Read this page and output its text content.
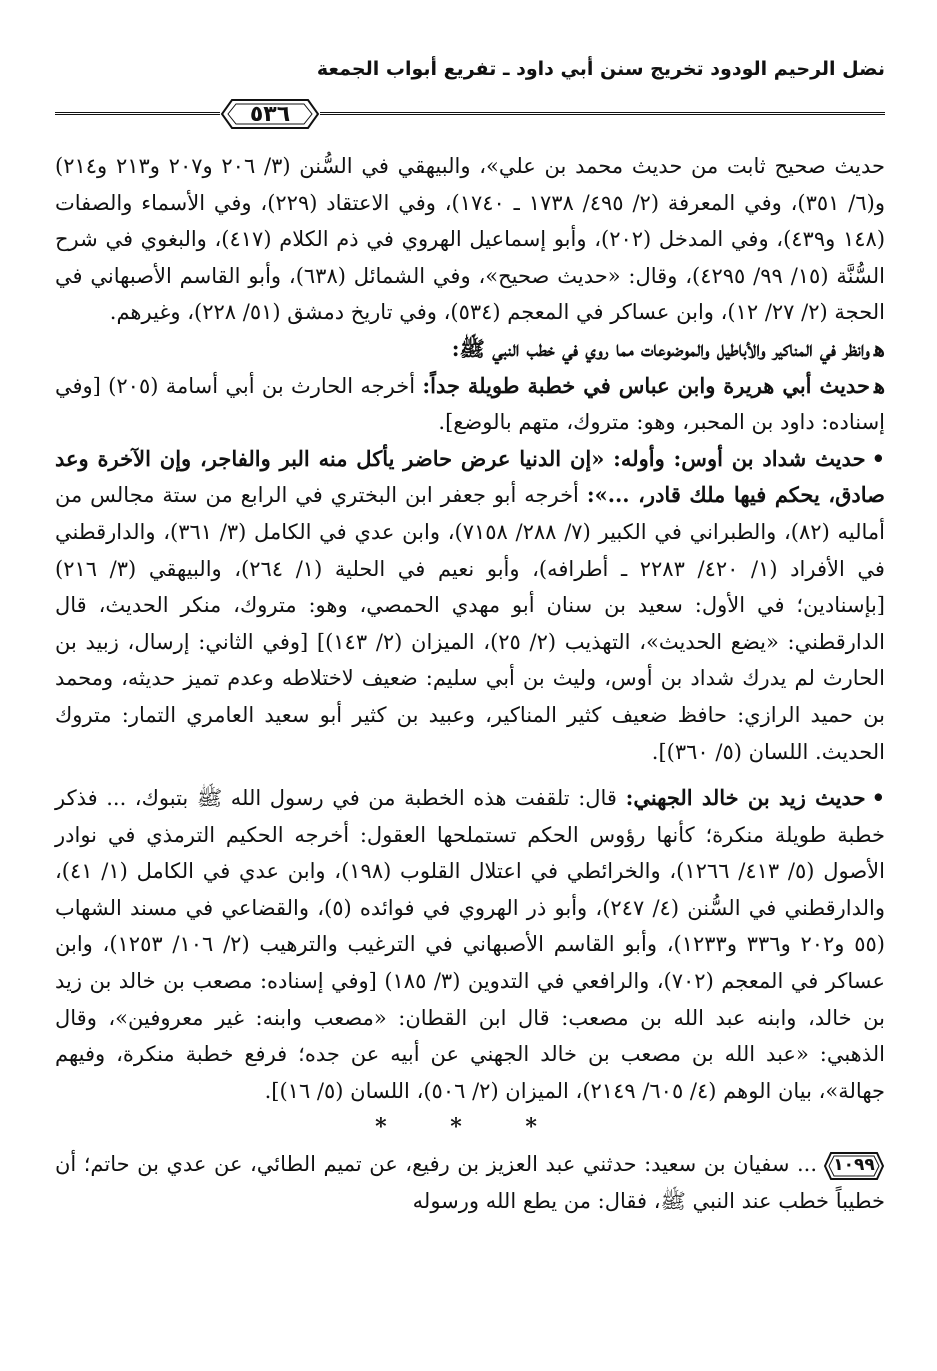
نضل الرحيم الودود تخريج سنن أبي داود ـ تفريع أبواب الجمعة
٥٣٦

حديث صحيح ثابت من حديث محمد بن علي»، والبيهقي في السُّنن (٣/ ٢٠٦ و٢٠٧ و٢١٣ و٢١٤) و(٦/ ٣٥١)، وفي المعرفة (٢/ ٤٩٥/ ١٧٣٨ ـ ١٧٤٠)، وفي الاعتقاد (٢٢٩)، وفي الأسماء والصفات (١٤٨ و٤٣٩)، وفي المدخل (٢٠٢)، وأبو إسماعيل الهروي في ذم الكلام (٤١٧)، والبغوي في شرح السُّنَّة (١٥/ ٩٩/ ٤٢٩٥)، وقال: «حديث صحيح»، وفي الشمائل (٦٣٨)، وأبو القاسم الأصبهاني في الحجة (٢/ ٢٧/ ١٢)، وابن عساكر في المعجم (٥٣٤)، وفي تاريخ دمشق (٥١/ ٢٢٨)، وغيرهم.

ﻫوانظر في المناكير والأباطيل والموضوعات مما روي في خطب النبي ﷺ:

ﻫحديث أبي هريرة وابن عباس في خطبة طويلة جداً: أخرجه الحارث بن أبي أسامة (٢٠٥) [وفي إسناده: داود بن المحبر، وهو: متروك، متهم بالوضع].

•حديث شداد بن أوس: وأوله: «إن الدنيا عرض حاضر يأكل منه البر والفاجر، وإن الآخرة وعد صادق، يحكم فيها ملك قادر، ...»: أخرجه أبو جعفر ابن البختري في الرابع من ستة مجالس من أماليه (٨٢)، والطبراني في الكبير (٧/ ٢٨٨/ ٧١٥٨)، وابن عدي في الكامل (٣/ ٣٦١)، والدارقطني في الأفراد (١/ ٤٢٠/ ٢٢٨٣ ـ أطرافه)، وأبو نعيم في الحلية (١/ ٢٦٤)، والبيهقي (٣/ ٢١٦) [بإسنادين؛ في الأول: سعيد بن سنان أبو مهدي الحمصي، وهو: متروك، منكر الحديث، قال الدارقطني: «يضع الحديث»، التهذيب (٢/ ٢٥)، الميزان (٢/ ١٤٣)] [وفي الثاني: إرسال، زبيد بن الحارث لم يدرك شداد بن أوس، وليث بن أبي سليم: ضعيف لاختلاطه وعدم تميز حديثه، ومحمد بن حميد الرازي: حافظ ضعيف كثير المناكير، وعبيد بن كثير أبو سعيد العامري التمار: متروك الحديث. اللسان (٥/ ٣٦٠)].

•حديث زيد بن خالد الجهني: قال: تلقفت هذه الخطبة من في رسول الله ﷺ بتبوك، ... فذكر خطبة طويلة منكرة؛ كأنها رؤوس الحكم تستملحها العقول: أخرجه الحكيم الترمذي في نوادر الأصول (٥/ ٤١٣/ ١٢٦٦)، والخرائطي في اعتلال القلوب (١٩٨)، وابن عدي في الكامل (١/ ٤١)، والدارقطني في السُّنن (٤/ ٢٤٧)، وأبو ذر الهروي في فوائده (٥)، والقضاعي في مسند الشهاب (٥٥ و٢٠٢ و٣٣٦ و١٢٣٣)، وأبو القاسم الأصبهاني في الترغيب والترهيب (٢/ ١٠٦/ ١٢٥٣)، وابن عساكر في المعجم (٧٠٢)، والرافعي في التدوين (٣/ ١٨٥) [وفي إسناده: مصعب بن خالد بن زيد بن خالد، وابنه عبد الله بن مصعب: قال ابن القطان: «مصعب وابنه: غير معروفين»، وقال الذهبي: «عبد الله بن مصعب بن خالد الجهني عن أبيه عن جده؛ فرفع خطبة منكرة، وفيهم جهالة»، بيان الوهم (٤/ ٦٠٥/ ٢١٤٩)، الميزان (٢/ ٥٠٦)، اللسان (٥/ ١٦)].

* * *

١٠٩٩
... سفيان بن سعيد: حدثني عبد العزيز بن رفيع، عن تميم الطائي، عن عدي بن حاتم؛ أن خطيباً خطب عند النبي ﷺ، فقال: من يطع الله ورسوله
